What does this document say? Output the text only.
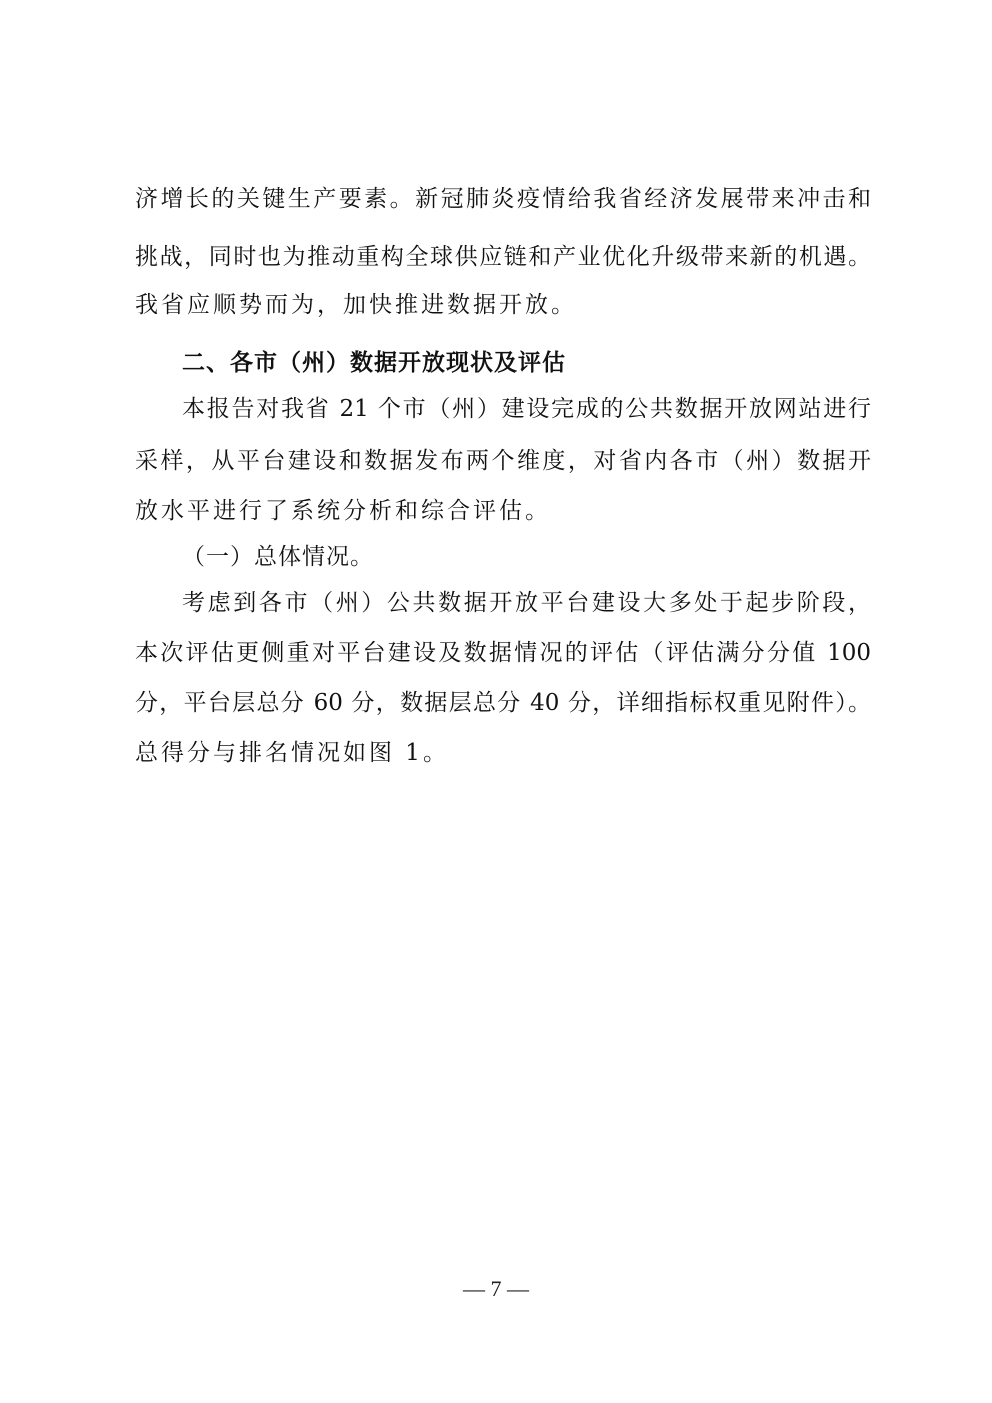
济增长的关键生产要素。新冠肺炎疫情给我省经济发展带来冲击和
挑战，同时也为推动重构全球供应链和产业优化升级带来新的机遇。
我省应顺势而为，加快推进数据开放。
二、各市（州）数据开放现状及评估
本报告对我省 21 个市（州）建设完成的公共数据开放网站进行
采样，从平台建设和数据发布两个维度，对省内各市（州）数据开
放水平进行了系统分析和综合评估。
（一）总体情况。
考虑到各市（州）公共数据开放平台建设大多处于起步阶段，
本次评估更侧重对平台建设及数据情况的评估（评估满分分值 100
分，平台层总分 60 分，数据层总分 40 分，详细指标权重见附件）。
总得分与排名情况如图 1。
— 7 —
